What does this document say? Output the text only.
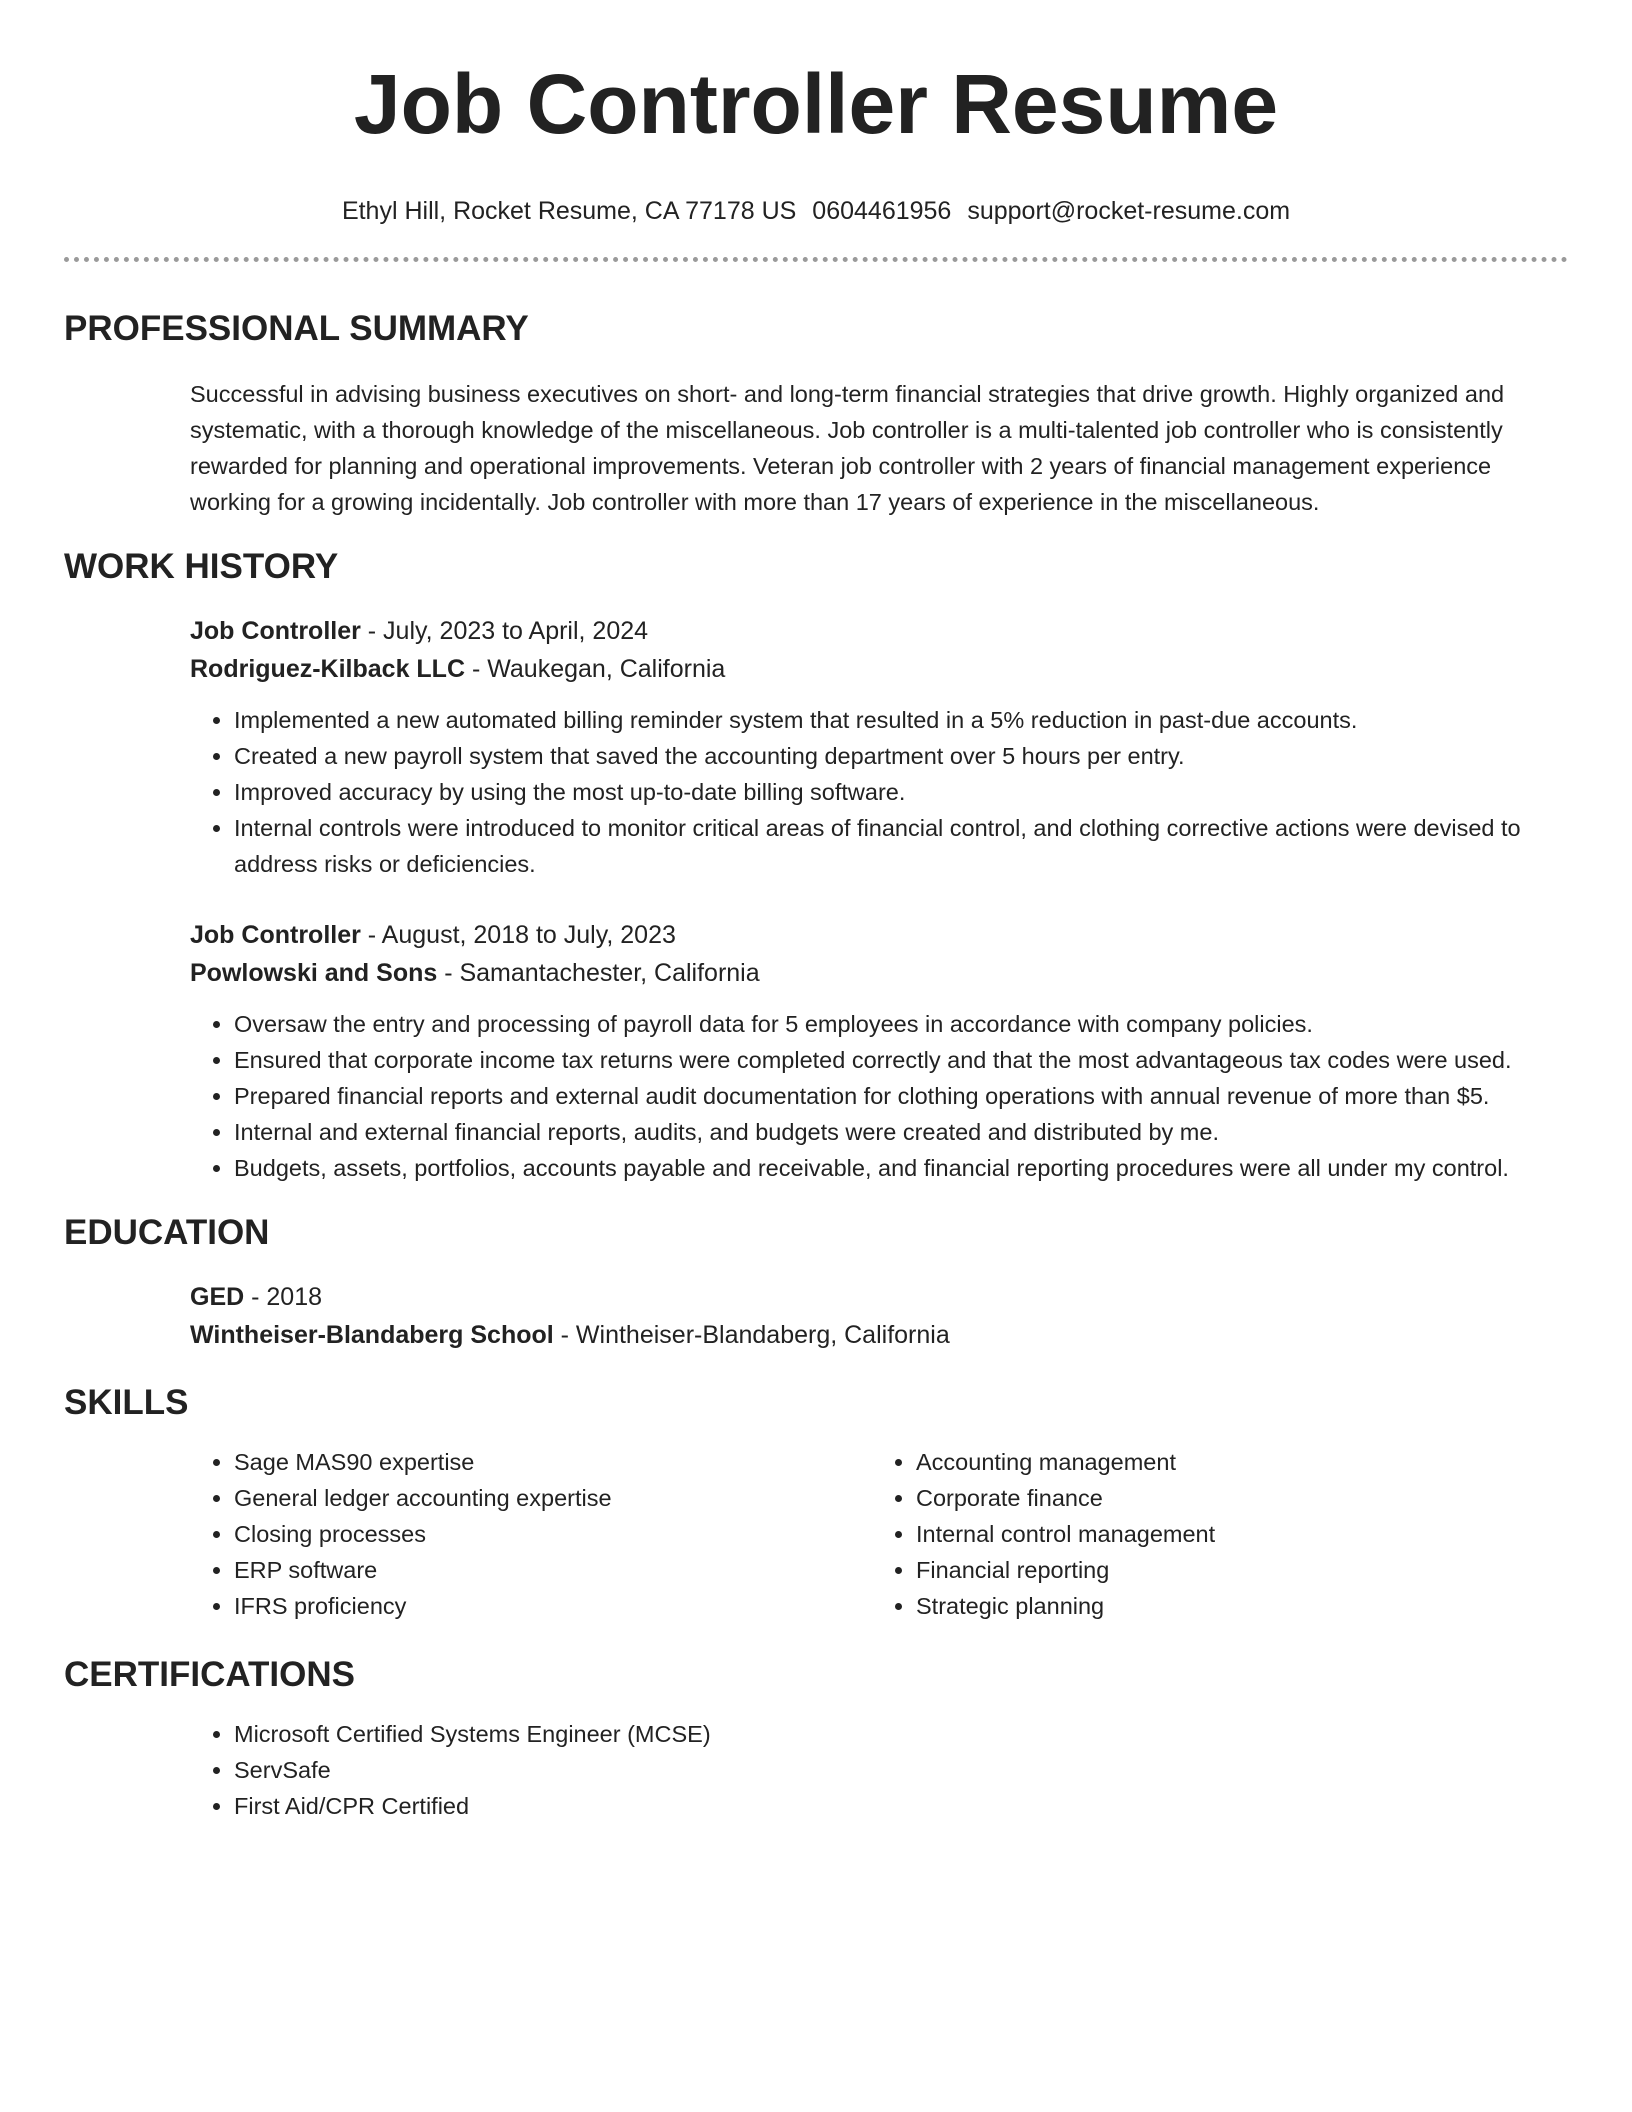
Job Controller Resume
Ethyl Hill, Rocket Resume, CA 77178 US 0604461956 support@rocket-resume.com
PROFESSIONAL SUMMARY
Successful in advising business executives on short- and long-term financial strategies that drive growth. Highly organized and systematic, with a thorough knowledge of the miscellaneous. Job controller is a multi-talented job controller who is consistently rewarded for planning and operational improvements. Veteran job controller with 2 years of financial management experience working for a growing incidentally. Job controller with more than 17 years of experience in the miscellaneous.
WORK HISTORY
Job Controller - July, 2023 to April, 2024
Rodriguez-Kilback LLC - Waukegan, California
• Implemented a new automated billing reminder system that resulted in a 5% reduction in past-due accounts.
• Created a new payroll system that saved the accounting department over 5 hours per entry.
• Improved accuracy by using the most up-to-date billing software.
• Internal controls were introduced to monitor critical areas of financial control, and clothing corrective actions were devised to address risks or deficiencies.
Job Controller - August, 2018 to July, 2023
Powlowski and Sons - Samantachester, California
• Oversaw the entry and processing of payroll data for 5 employees in accordance with company policies.
• Ensured that corporate income tax returns were completed correctly and that the most advantageous tax codes were used.
• Prepared financial reports and external audit documentation for clothing operations with annual revenue of more than $5.
• Internal and external financial reports, audits, and budgets were created and distributed by me.
• Budgets, assets, portfolios, accounts payable and receivable, and financial reporting procedures were all under my control.
EDUCATION
GED - 2018
Wintheiser-Blandaberg School - Wintheiser-Blandaberg, California
SKILLS
• Sage MAS90 expertise
• General ledger accounting expertise
• Closing processes
• ERP software
• IFRS proficiency
• Accounting management
• Corporate finance
• Internal control management
• Financial reporting
• Strategic planning
CERTIFICATIONS
• Microsoft Certified Systems Engineer (MCSE)
• ServSafe
• First Aid/CPR Certified
